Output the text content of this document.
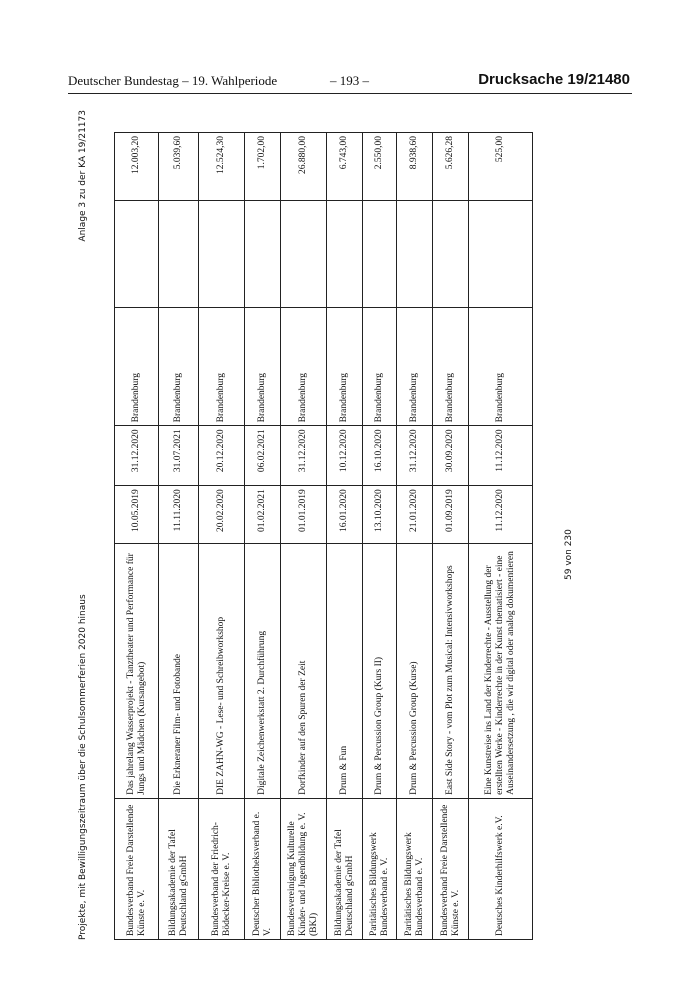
Deutscher Bundestag – 19. Wahlperiode	– 193 –	Drucksache 19/21480
Projekte, mit Bewilligungszeitraum über die Schulsommerferien 2020 hinaus
Anlage 3 zu der KA 19/21173
Bundesverband Freie Darstellende Künste e. V.	Das jahrelang Wasserprojekt - Tanztheater und Performance für Jungs und Mädchen (Kursangebot)	10.05.2019	31.12.2020	Brandenburg		12.003,20
Bildungsakademie der Tafel Deutschland gGmbH	Die Erkneraner Film- und Fotobande	11.11.2020	31.07.2021	Brandenburg		5.039,60
Bundesverband der Friedrich-Bödecker-Kreise e. V.	DIE ZAHN-WG - Lese- und Schreibworkshop	20.02.2020	20.12.2020	Brandenburg		12.524,30
Deutscher Bibliotheksverband e. V.	Digitale Zeichenwerkstatt 2. Durchführung	01.02.2021	06.02.2021	Brandenburg		1.702,00
Bundesvereinigung Kulturelle Kinder- und Jugendbildung e. V. (BKJ)	Dorfkinder auf den Spuren der Zeit	01.01.2019	31.12.2020	Brandenburg		26.880,00
Bildungsakademie der Tafel Deutschland gGmbH	Drum & Fun	16.01.2020	10.12.2020	Brandenburg		6.743,00
Paritätisches Bildungswerk Bundesverband e. V.	Drum & Percussion Group (Kurs II)	13.10.2020	16.10.2020	Brandenburg		2.550,00
Paritätisches Bildungswerk Bundesverband e. V.	Drum & Percussion Group (Kurse)	21.01.2020	31.12.2020	Brandenburg		8.938,60
Bundesverband Freie Darstellende Künste e. V.	East Side Story - vom Plot zum Musical: Intensivworkshops	01.09.2019	30.09.2020	Brandenburg		5.626,28
Deutsches Kinderhilfswerk e.V.	Eine Kunstreise ins Land der Kinderrechte - Ausstellung der erstellten Werke - Kinderrechte in der Kunst thematisiert - eine Auseinandersetzung , die wir digital oder analog dokumentieren	11.12.2020	11.12.2020	Brandenburg		525,00
59 von 230
